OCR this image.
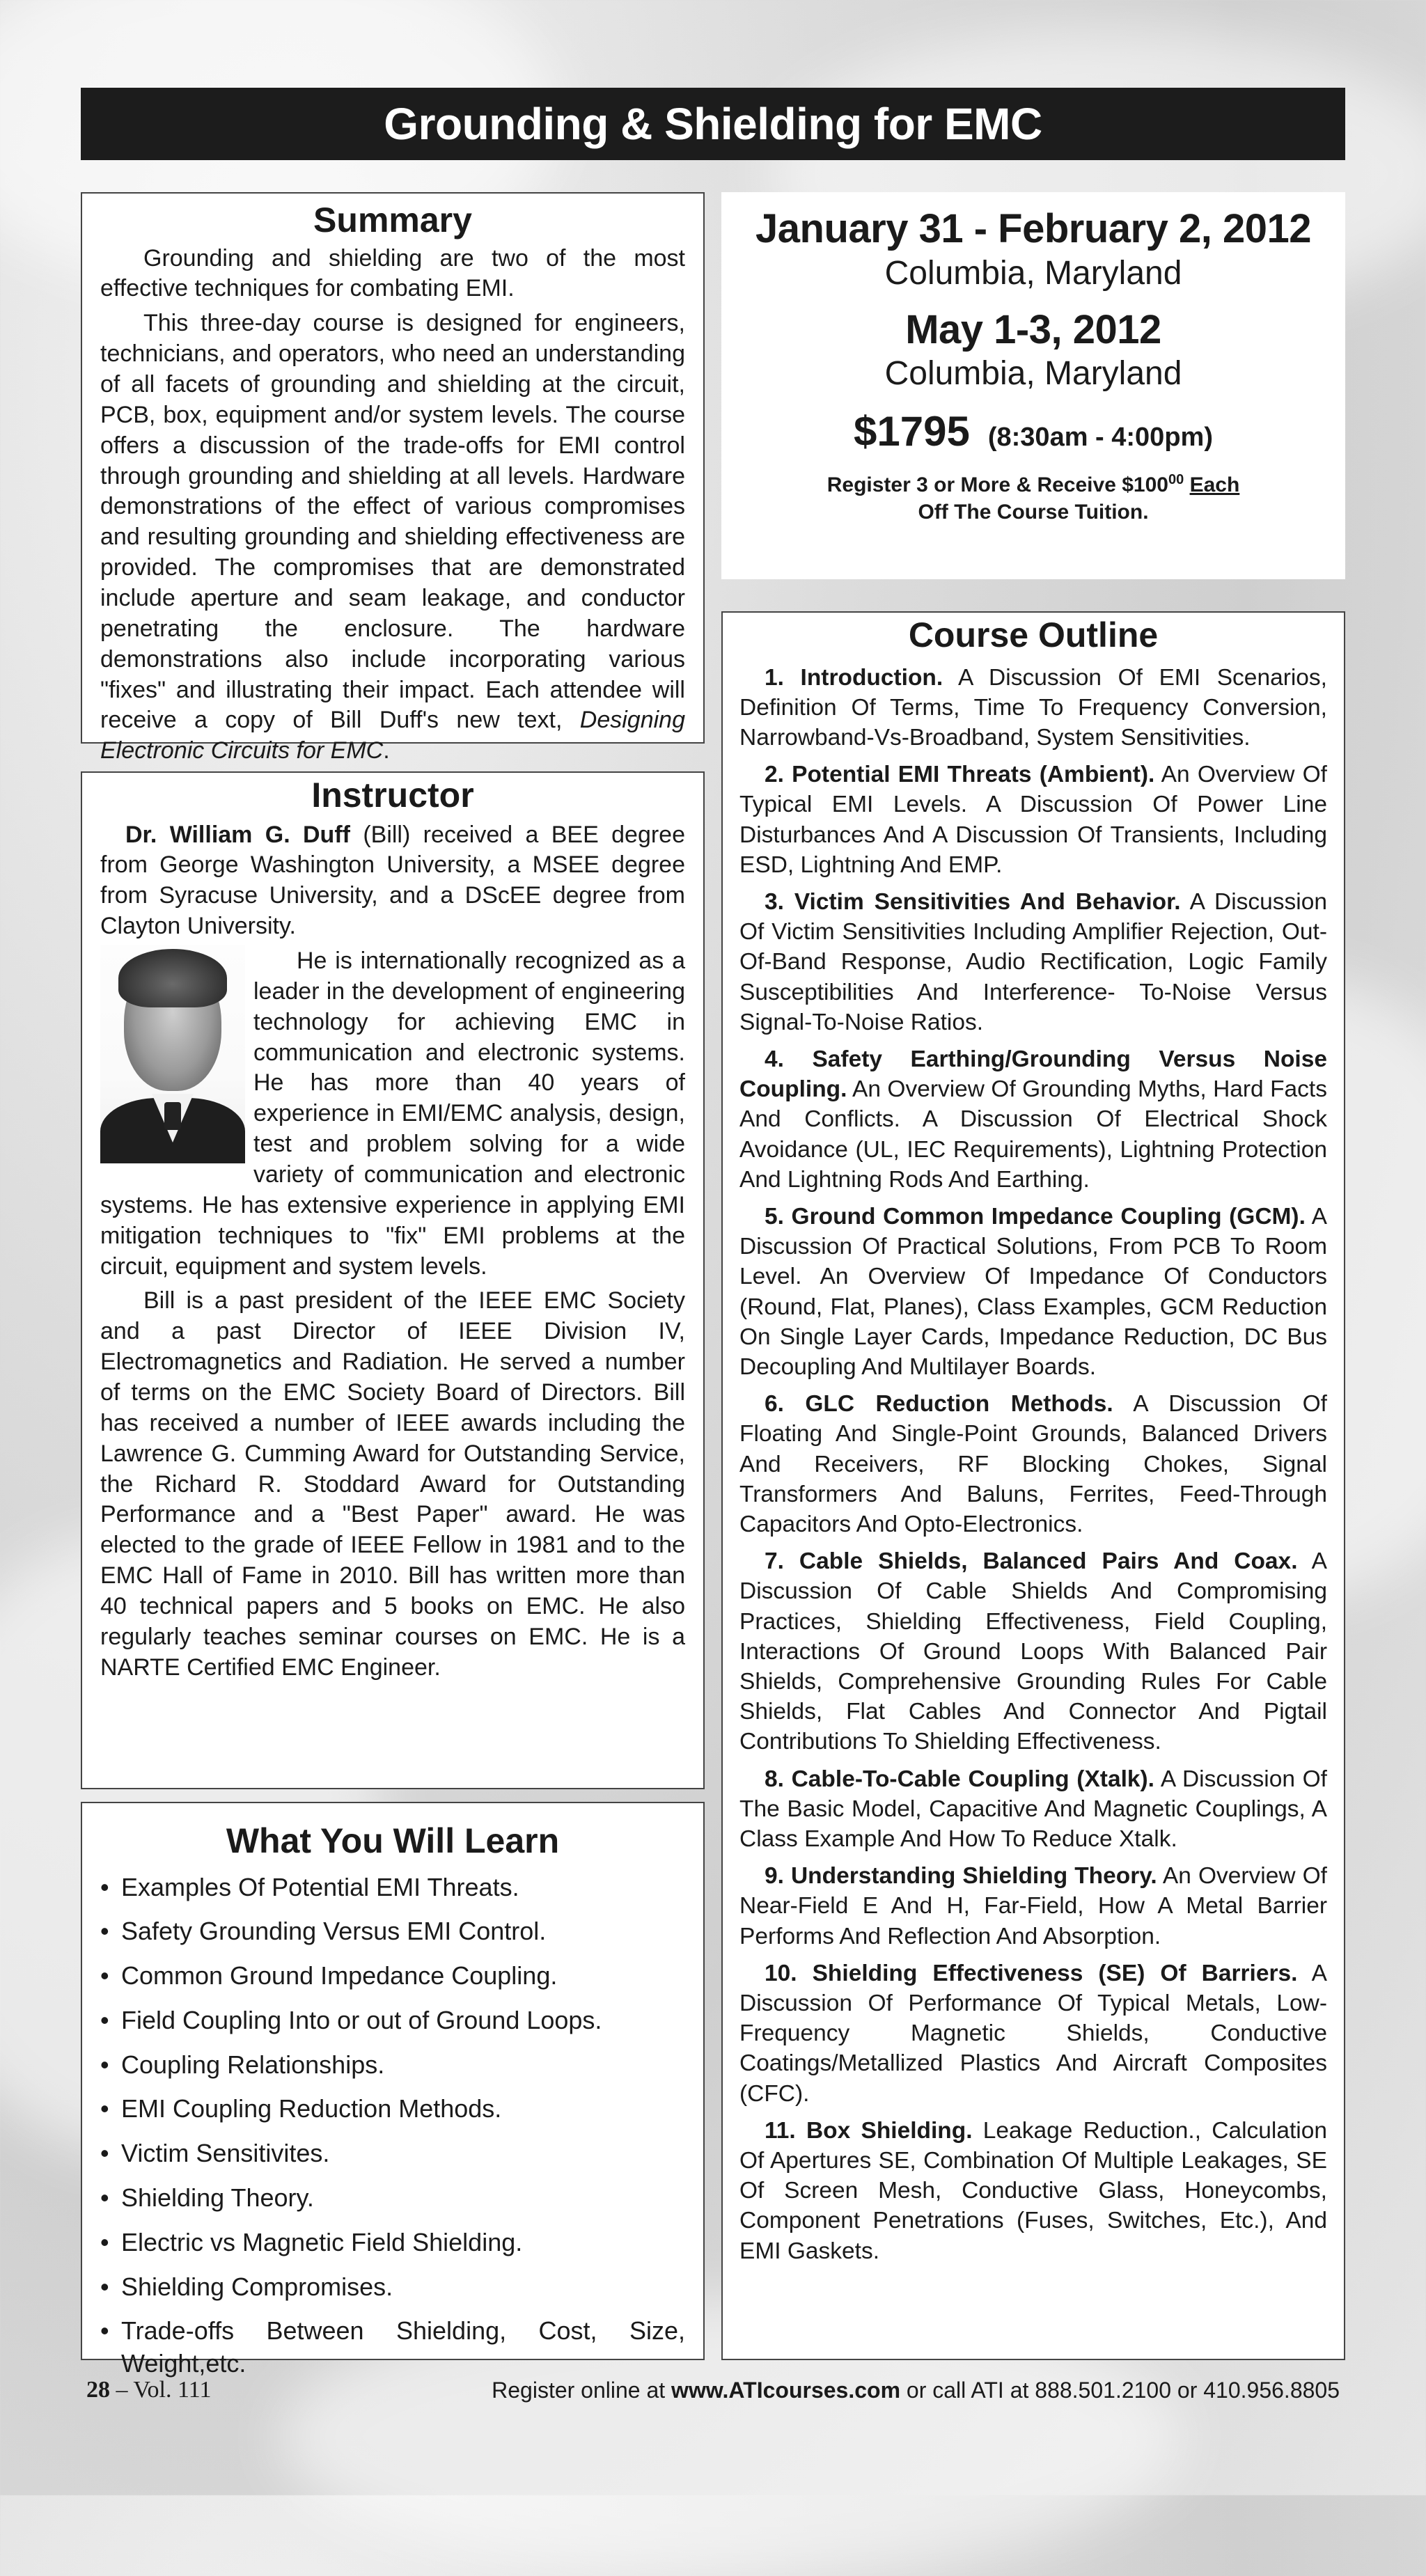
Grounding & Shielding for EMC
Summary

Grounding and shielding are two of the most effective techniques for combating EMI.

This three-day course is designed for engineers, technicians, and operators, who need an understanding of all facets of grounding and shielding at the circuit, PCB, box, equipment and/or system levels. The course offers a discussion of the trade-offs for EMI control through grounding and shielding at all levels. Hardware demonstrations of the effect of various compromises and resulting grounding and shielding effectiveness are provided. The compromises that are demonstrated include aperture and seam leakage, and conductor penetrating the enclosure. The hardware demonstrations also include incorporating various "fixes" and illustrating their impact. Each attendee will receive a copy of Bill Duff's new text, Designing Electronic Circuits for EMC.

January 31 - February 2, 2012
Columbia, Maryland
May 1-3, 2012
Columbia, Maryland
$1795 (8:30am - 4:00pm)
Register 3 or More & Receive $\$100^{00}$ Each
Off The Course Tuition.
Instructor

Dr. William G. Duff (Bill) received a BEE degree from George Washington University, a MSEE degree from Syracuse University, and a DScEE degree from Clayton University.

He is internationally recognized as a leader in the development of engineering technology for achieving EMC in communication and electronic systems. He has more than 40 years of experience in EMI/EMC analysis, design, test and problem solving for a wide variety of communication and electronic systems. He has extensive experience in applying EMI mitigation techniques to "fix" EMI problems at the circuit, equipment and system levels.

Bill is a past president of the IEEE EMC Society and a past Director of IEEE Division IV, Electromagnetics and Radiation. He served a number of terms on the EMC Society Board of Directors. Bill has received a number of IEEE awards including the Lawrence G. Cumming Award for Outstanding Service, the Richard R. Stoddard Award for Outstanding Performance and a "Best Paper" award. He was elected to the grade of IEEE Fellow in 1981 and to the EMC Hall of Fame in 2010. Bill has written more than 40 technical papers and 5 books on EMC. He also regularly teaches seminar courses on EMC. He is a NARTE Certified EMC Engineer.

What You Will Learn
• Examples Of Potential EMI Threats.
• Safety Grounding Versus EMI Control.
• Common Ground Impedance Coupling.
• Field Coupling Into or out of Ground Loops.
• Coupling Relationships.
• EMI Coupling Reduction Methods.
• Victim Sensitivites.
• Shielding Theory.
• Electric vs Magnetic Field Shielding.
• Shielding Compromises.
• Trade-offs Between Shielding, Cost, Size, Weight,etc.
Course Outline

1. Introduction. A Discussion Of EMI Scenarios, Definition Of Terms, Time To Frequency Conversion, Narrowband-Vs-Broadband, System Sensitivities.

2. Potential EMI Threats (Ambient). An Overview Of Typical EMI Levels. A Discussion Of Power Line Disturbances And A Discussion Of Transients, Including ESD, Lightning And EMP.

3. Victim Sensitivities And Behavior. A Discussion Of Victim Sensitivities Including Amplifier Rejection, Out-Of-Band Response, Audio Rectification, Logic Family Susceptibilities And Interference- To-Noise Versus Signal-To-Noise Ratios.

4. Safety Earthing/Grounding Versus Noise Coupling. An Overview Of Grounding Myths, Hard Facts And Conflicts. A Discussion Of Electrical Shock Avoidance (UL, IEC Requirements), Lightning Protection And Lightning Rods And Earthing.

5. Ground Common Impedance Coupling (GCM). A Discussion Of Practical Solutions, From PCB To Room Level. An Overview Of Impedance Of Conductors (Round, Flat, Planes), Class Examples, GCM Reduction On Single Layer Cards, Impedance Reduction, DC Bus Decoupling And Multilayer Boards.

6. GLC Reduction Methods. A Discussion Of Floating And Single-Point Grounds, Balanced Drivers And Receivers, RF Blocking Chokes, Signal Transformers And Baluns, Ferrites, Feed-Through Capacitors And Opto-Electronics.

7. Cable Shields, Balanced Pairs And Coax. A Discussion Of Cable Shields And Compromising Practices, Shielding Effectiveness, Field Coupling, Interactions Of Ground Loops With Balanced Pair Shields, Comprehensive Grounding Rules For Cable Shields, Flat Cables And Connector And Pigtail Contributions To Shielding Effectiveness.

8. Cable-To-Cable Coupling (Xtalk). A Discussion Of The Basic Model, Capacitive And Magnetic Couplings, A Class Example And How To Reduce Xtalk.

9. Understanding Shielding Theory. An Overview Of Near-Field E And H, Far-Field, How A Metal Barrier Performs And Reflection And Absorption.

10. Shielding Effectiveness (SE) Of Barriers. A Discussion Of Performance Of Typical Metals, Low-Frequency Magnetic Shields, Conductive Coatings/Metallized Plastics And Aircraft Composites (CFC).

11. Box Shielding. Leakage Reduction., Calculation Of Apertures SE, Combination Of Multiple Leakages, SE Of Screen Mesh, Conductive Glass, Honeycombs, Component Penetrations (Fuses, Switches, Etc.), And EMI Gaskets.

28 – Vol. 111	Register online at www.ATIcourses.com or call ATI at 888.501.2100 or 410.956.8805
